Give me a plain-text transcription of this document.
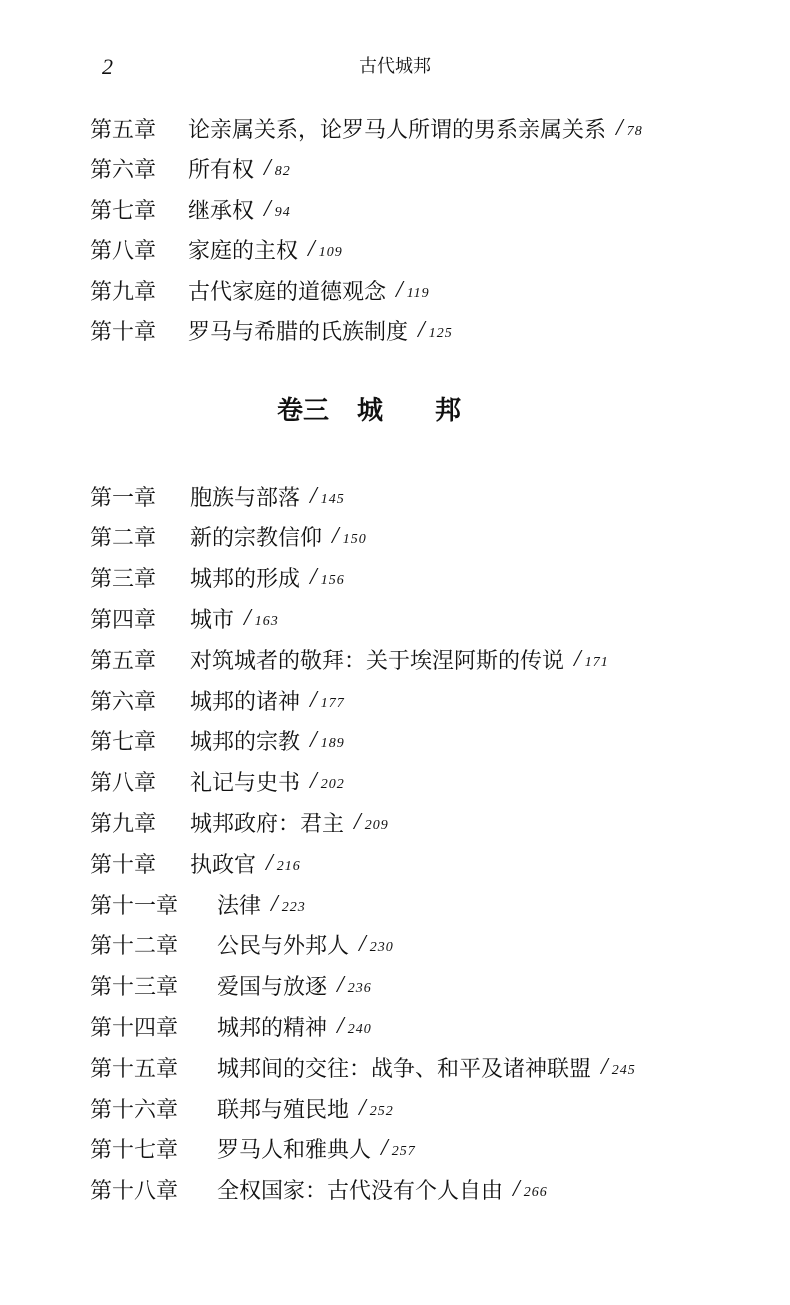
2	古代城邦
第五章	论亲属关系，论罗马人所谓的男系亲属关系 / 78
第六章	所有权 / 82
第七章	继承权 / 94
第八章	家庭的主权 / 109
第九章	古代家庭的道德观念 / 119
第十章	罗马与希腊的氏族制度 / 125
卷三 城邦
第一章	胞族与部落 / 145
第二章	新的宗教信仰 / 150
第三章	城邦的形成 / 156
第四章	城市 / 163
第五章	对筑城者的敬拜：关于埃涅阿斯的传说 / 171
第六章	城邦的诸神 / 177
第七章	城邦的宗教 / 189
第八章	礼记与史书 / 202
第九章	城邦政府：君主 / 209
第十章	执政官 / 216
第十一章	法律 / 223
第十二章	公民与外邦人 / 230
第十三章	爱国与放逐 / 236
第十四章	城邦的精神 / 240
第十五章	城邦间的交往：战争、和平及诸神联盟 / 245
第十六章	联邦与殖民地 / 252
第十七章	罗马人和雅典人 / 257
第十八章	全权国家：古代没有个人自由 / 266
